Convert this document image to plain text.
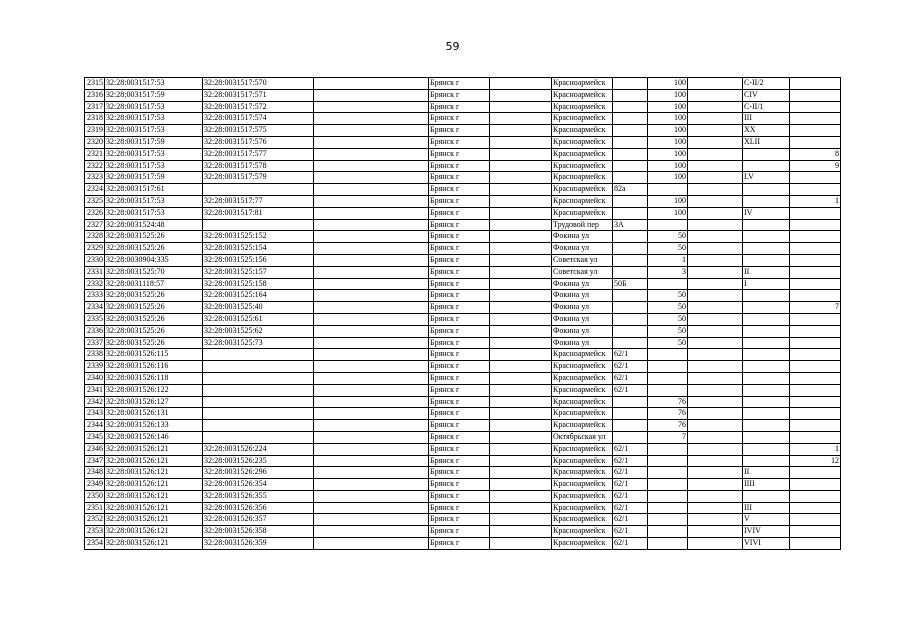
59
2315	32:28:0031517:53	32:28:0031517:570		Брянск г		Красноармейск		100		С-II/2	
2316	32:28:0031517:59	32:28:0031517:571		Брянск г		Красноармейск		100		CIV	
2317	32:28:0031517:53	32:28:0031517:572		Брянск г		Красноармейск		100		С-II/1	
2318	32:28:0031517:53	32:28:0031517:574		Брянск г		Красноармейск		100		III	
2319	32:28:0031517:53	32:28:0031517:575		Брянск г		Красноармейск		100		XX	
2320	32:28:0031517:59	32:28:0031517:576		Брянск г		Красноармейск		100		XLII	
2321	32:28:0031517:53	32:28:0031517:577		Брянск г		Красноармейск		100			8
2322	32:28:0031517:53	32:28:0031517:578		Брянск г		Красноармейск		100			9
2323	32:28:0031517:59	32:28:0031517:579		Брянск г		Красноармейск		100		LV	
2324	32:28:0031517:61			Брянск г		Красноармейск	82а				
2325	32:28:0031517:53	32:28:0031517:77		Брянск г		Красноармейск		100			1
2326	32:28:0031517:53	32:28:0031517:81		Брянск г		Красноармейск		100		IV	
2327	32:28:0031524:48			Брянск г		Трудовой пер	3А				
2328	32:28:0031525:26	32:28:0031525:152		Брянск г		Фокина ул		50			
2329	32:28:0031525:26	32:28:0031525:154		Брянск г		Фокина ул		50			
2330	32:28:0030904:335	32:28:0031525:156		Брянск г		Советская ул		1			
2331	32:28:0031525:70	32:28:0031525:157		Брянск г		Советская ул		3		II	
2332	32:28:0031118:57	32:28:0031525:158		Брянск г		Фокина ул	50Б			I	
2333	32:28:0031525:26	32:28:0031525:164		Брянск г		Фокина ул		50			
2334	32:28:0031525:26	32:28:0031525:40		Брянск г		Фокина ул		50			7
2335	32:28:0031525:26	32:28:0031525:61		Брянск г		Фокина ул		50			
2336	32:28:0031525:26	32:28:0031525:62		Брянск г		Фокина ул		50			
2337	32:28:0031525:26	32:28:0031525:73		Брянск г		Фокина ул		50			
2338	32:28:0031526:115			Брянск г		Красноармейск	62/1				
2339	32:28:0031526:116			Брянск г		Красноармейск	62/1				
2340	32:28:0031526:118			Брянск г		Красноармейск	62/1				
2341	32:28:0031526:122			Брянск г		Красноармейск	62/1				
2342	32:28:0031526:127			Брянск г		Красноармейск		76			
2343	32:28:0031526:131			Брянск г		Красноармейск		76			
2344	32:28:0031526:133			Брянск г		Красноармейск		76			
2345	32:28:0031526:146			Брянск г		Октябрьская ул		7			
2346	32:28:0031526:121	32:28:0031526:224		Брянск г		Красноармейск	62/1				1
2347	32:28:0031526:121	32:28:0031526:235		Брянск г		Красноармейск	62/1				12
2348	32:28:0031526:121	32:28:0031526:296		Брянск г		Красноармейск	62/1			II	
2349	32:28:0031526:121	32:28:0031526:354		Брянск г		Красноармейск	62/1			IIII	
2350	32:28:0031526:121	32:28:0031526:355		Брянск г		Красноармейск	62/1				
2351	32:28:0031526:121	32:28:0031526:356		Брянск г		Красноармейск	62/1			III	
2352	32:28:0031526:121	32:28:0031526:357		Брянск г		Красноармейск	62/1			V	
2353	32:28:0031526:121	32:28:0031526:358		Брянск г		Красноармейск	62/1			IVIV	
2354	32:28:0031526:121	32:28:0031526:359		Брянск г		Красноармейск	62/1			VIVI	
